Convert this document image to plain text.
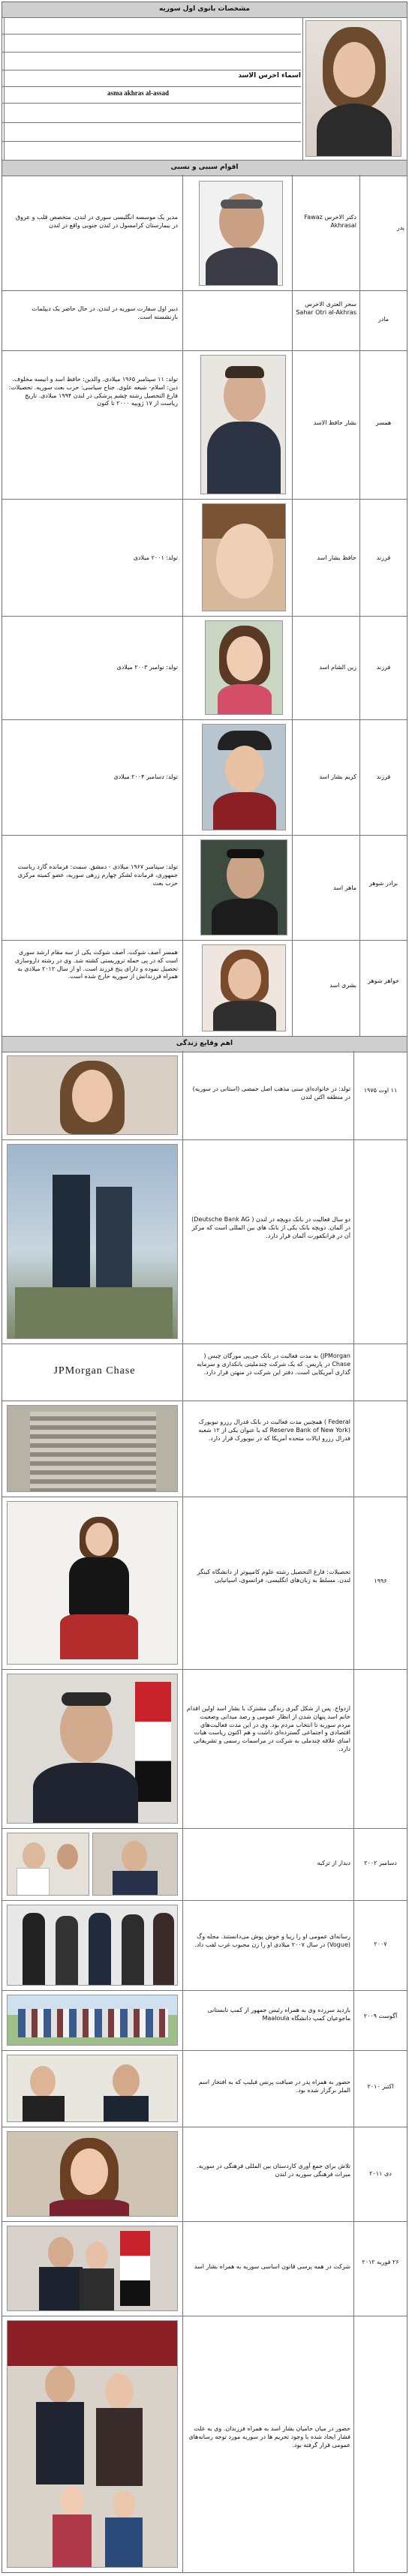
مشخصات بانوی اول سوریه
اسماء اخرس الاسد
asma akhras al-assad
اقوام سببی و نسبی
پدر
دکتر الاخرس Fawaz Akhrasal
مدیر یک موسسه انگلیسی سوری در لندن. متخصص قلب و عروق در بیمارستان کرامسول در لندن جنوبی واقع در لندن
مادر
سحر العتری الاخرس Sahar Otri al-Akhras
دبیر اول سفارت سوریه در لندن. در حال حاضر یک دیپلمات بازنشسته است.
همسر
بشار حافظ الاسد
تولد: ۱۱ سپتامبر ۱۹۶۵ میلادی. والدین: حافظ اسد و انیسه مخلوف. دین: اسلام- شیعه علوی. جناح سیاسی: حزب بعث سوریه. تحصیلات: فارغ التحصیل رشته چشم پزشکی در لندن ۱۹۹۴ میلادی. تاریخ ریاست از ۱۷ ژوییه ۲۰۰۰ تا کنون
فرزند
حافظ بشار اسد
تولد: ۲۰۰۱ میلادی
فرزند
زین الشام اسد
تولد: نوامبر ۲۰۰۳ میلادی
فرزند
کریم بشار اسد
تولد: دسامبر ۲۰۰۴ میلادی
برادر شوهر
ماهر اسد
تولد: سپتامبر ۱۹۶۷ میلادی - دمشق. سمت: فرمانده گارد ریاست جمهوری، فرمانده لشکر چهارم زرهی سوریه، عضو کمیته مرکزی حزب بعث
خواهر شوهر
بشری اسد
همسر آصف شوکت. آصف شوکت یکی از سه مقام ارشد سوری است که در پی حمله تروریستی کشته شد. وی در رشته داروسازی تحصیل نموده و دارای پنج فرزند است. او از سال ۲۰۱۲ میلادی به همراه فرزندانش از سوریه خارج شده است.
اهم وقایع زندگی
۱۱ اوت ۱۹۷۵
تولد: در خانواده‌ای سنی مذهب اصل حمصی (استانی در سوریه) در منطقه اکتن لندن
دو سال فعالیت در بانک دویچه در لندن ( Deutsche Bank AG) در آلمان. دویچه بانک یکی از بانک های بین المللی است که مرکز آن در فرانکفورت آلمان قرار دارد.
JPMorgan) به مدت فعالیت در بانک جی‌پی مورگان چیس ( Chase در پاریس. که یک شرکت چندملیتی بانکداری و سرمایه گذاری آمریکایی است. دفتر این شرکت در منهتن قرار دارد.
JPMorgan Chase
Federal ) همچنین مدت فعالیت در بانک فدرال رزرو نیویورک (Reserve Bank of New York که با عنوان یکی از ۱۲ شعبه فدرال رزرو ایالات متحده آمریکا که در نیویورک قرار دارد.
۱۹۹۶
تحصیلات: فارغ التحصیل رشته علوم کامپیوتر از دانشگاه کینگز لندن. مسلط به زبان‌های انگلیسی، فرانسوی، اسپانیایی
ازدواج. پس از شکل گیری زندگی مشترک با بشار اسد اولین اقدام خانم اسد پنهان شدن از انظار عمومی و رصد میدانی وضعیت مردم سوریه تا انتخاب مردم بود. وی در این مدت فعالیت‌های اقتصادی و اجتماعی گسترده‌ای داشت و هم اکنون ریاست هیات امنای علاقه چندملی به شرکت در مراسمات رسمی و تشریفاتی دارد.
دسامبر ۲۰۰۲
دیدار از ترکیه
۲۰۰۷
رسانه‌ای عمومی او را زیبا و خوش پوش می‌دانستند. مجله وگ (Vogue) در سال ۲۰۰۷ میلادی او را زن محبوب غرب لقب داد.
آگوست ۲۰۰۹
بازدید سرزده وی به همراه رئیس جمهور از کمپ تابستانی ماجوعیان کمپ دانشگاه Maaloula
اکتبر ۲۰۱۰
حضور به همراه پدر در ضیافت پرنس فیلیپ که به افتخار اسم الملر برگزار شده بود.
دی ۲۰۱۱
تلاش برای جمع آوری کاردستان بین المللی فرهنگی در سوریه. میراث فرهنگی سوریه در لندن
۲۶ فوریه ۲۰۱۲
شرکت در همه پرسی قانون اساسی سوریه به همراه بشار اسد
حضور در میان حامیان بشار اسد به همراه فرزندان. وی به علت فشار ایجاد شده با وجود تحریم ها در سوریه مورد توجه رسانه‌های عمومی قرار گرفته بود.
